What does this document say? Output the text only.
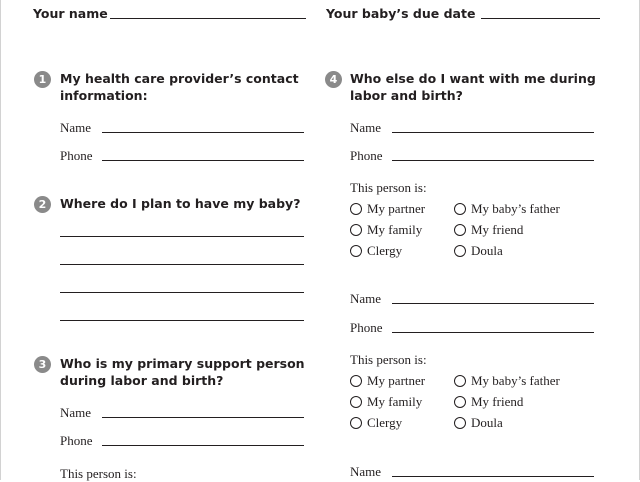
Your name	Your baby’s due date
1	My health care provider’s contact
information:
Name
Phone
2	Where do I plan to have my baby?
3	Who is my primary support person
during labor and birth?
Name
Phone
This person is:
4	Who else do I want with me during
labor and birth?
Name
Phone
This person is:
My partner	My baby’s father
My family	My friend
Clergy	Doula
Name
Phone
This person is:
My partner	My baby’s father
My family	My friend
Clergy	Doula
Name
